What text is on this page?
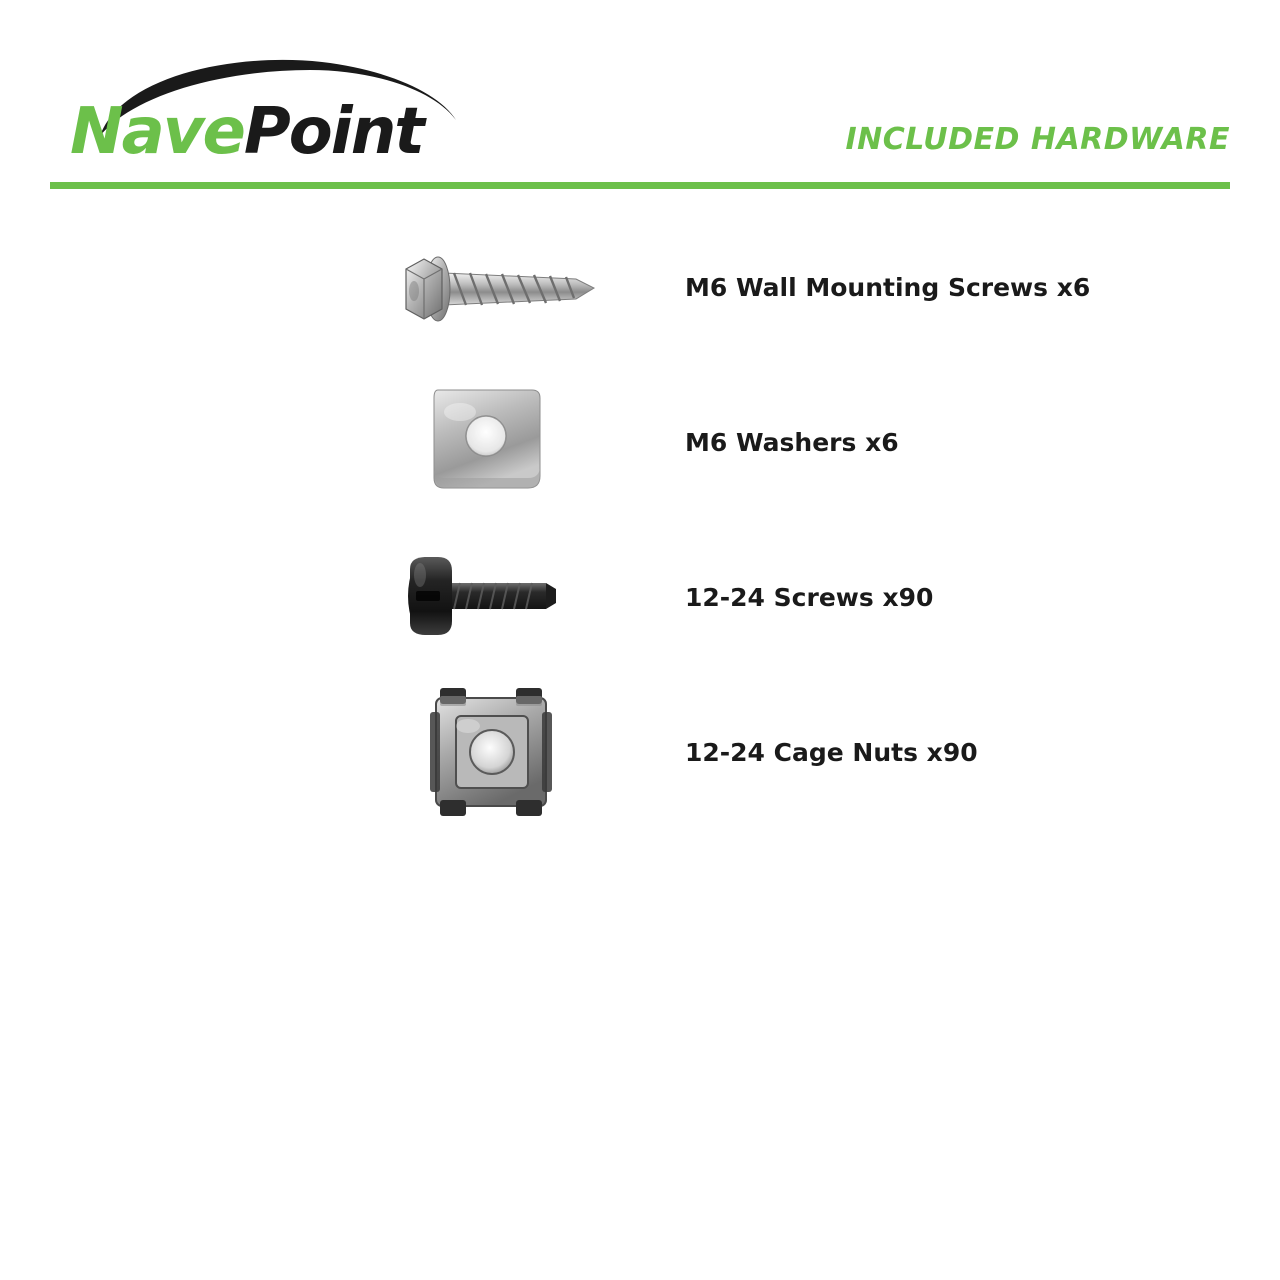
NavePoint	INCLUDED HARDWARE
M6 Wall Mounting Screws x6
M6 Washers x6
12-24 Screws x90
12-24 Cage Nuts x90
